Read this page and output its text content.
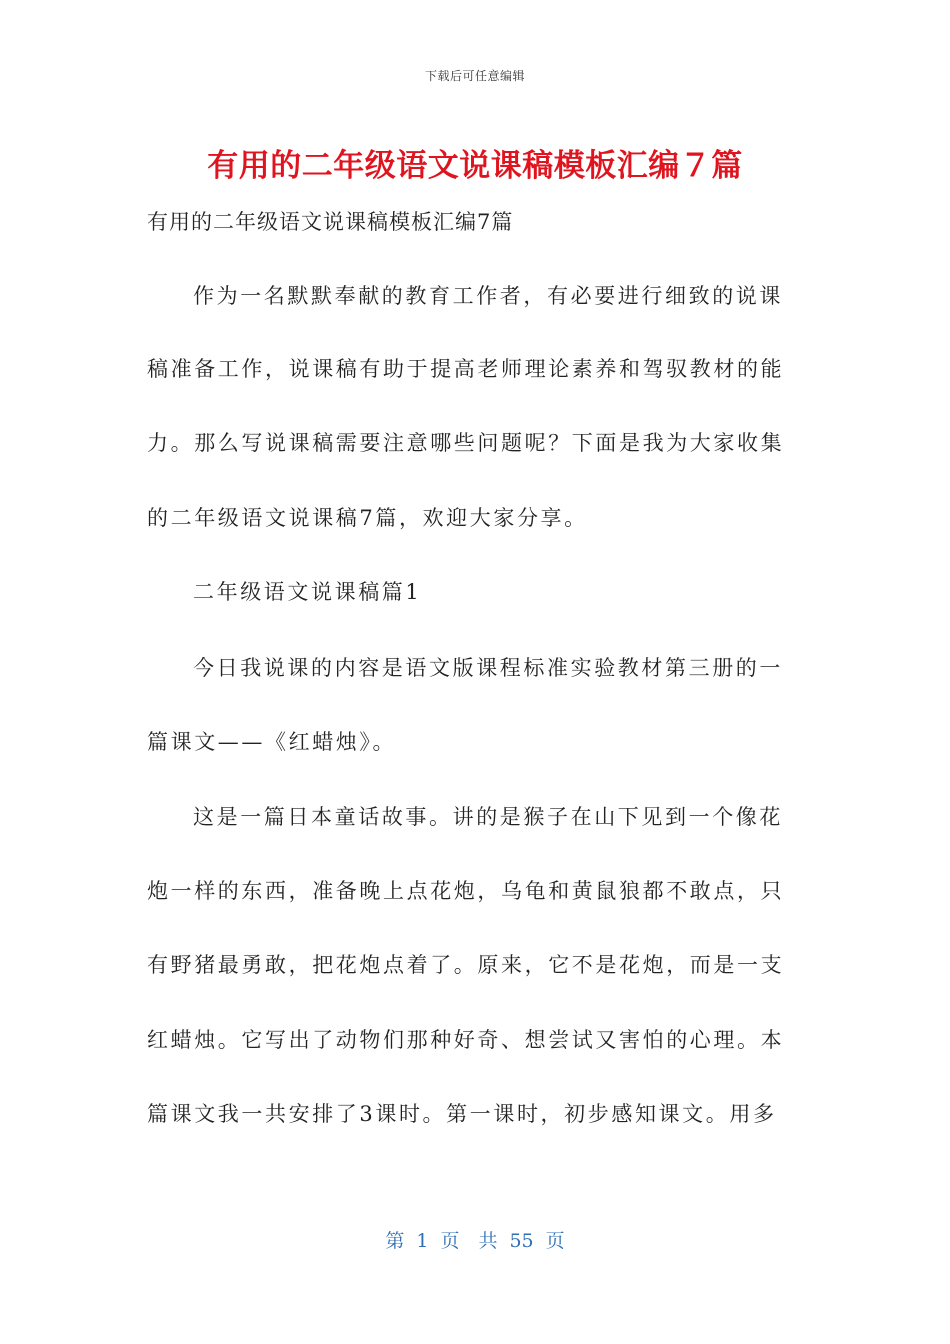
下载后可任意编辑
有用的二年级语文说课稿模板汇编７篇
有用的二年级语文说课稿模板汇编7篇
作为一名默默奉献的教育工作者，有必要进行细致的说课
稿准备工作，说课稿有助于提高老师理论素养和驾驭教材的能
力。那么写说课稿需要注意哪些问题呢？下面是我为大家收集
的二年级语文说课稿7篇，欢迎大家分享。
二年级语文说课稿篇1
今日我说课的内容是语文版课程标准实验教材第三册的一
篇课文——《红蜡烛》。
这是一篇日本童话故事。讲的是猴子在山下见到一个像花
炮一样的东西，准备晚上点花炮，乌龟和黄鼠狼都不敢点，只
有野猪最勇敢，把花炮点着了。原来，它不是花炮，而是一支
红蜡烛。它写出了动物们那种好奇、想尝试又害怕的心理。本
篇课文我一共安排了3课时。第一课时，初步感知课文。用多
第 1 页　共 55 页
